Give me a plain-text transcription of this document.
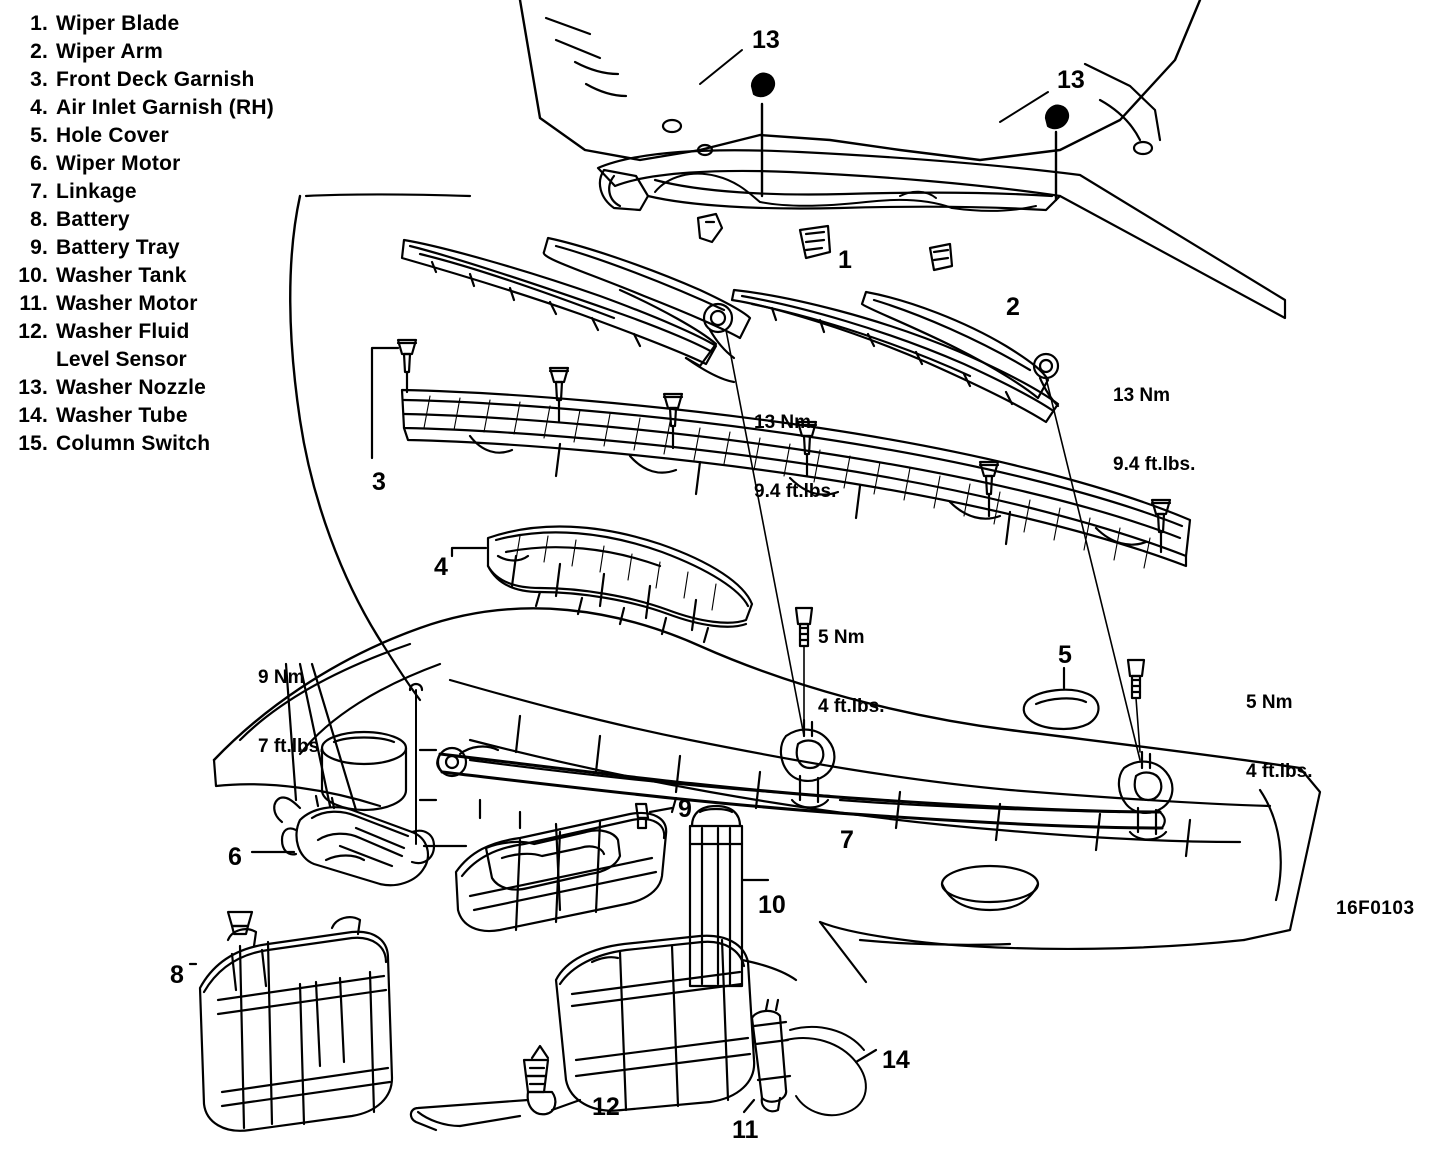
1. Wiper Blade
2. Wiper Arm
3. Front Deck Garnish
4. Air Inlet Garnish (RH)
5. Hole Cover
6. Wiper Motor
7. Linkage
8. Battery
9. Battery Tray
10. Washer Tank
11. Washer Motor
12. Washer Fluid
Level Sensor
13. Washer Nozzle
14. Washer Tube
15. Column Switch
13
13
1
2
3
4
5
6
7
9
10
8
11
12
14

13 Nm

9.4 ft.lbs.

13 Nm

9.4 ft.lbs.

5 Nm

4 ft.lbs.

	5 Nm

4 ft.lbs.

9 Nm

7 ft.lbs.

16F0103
